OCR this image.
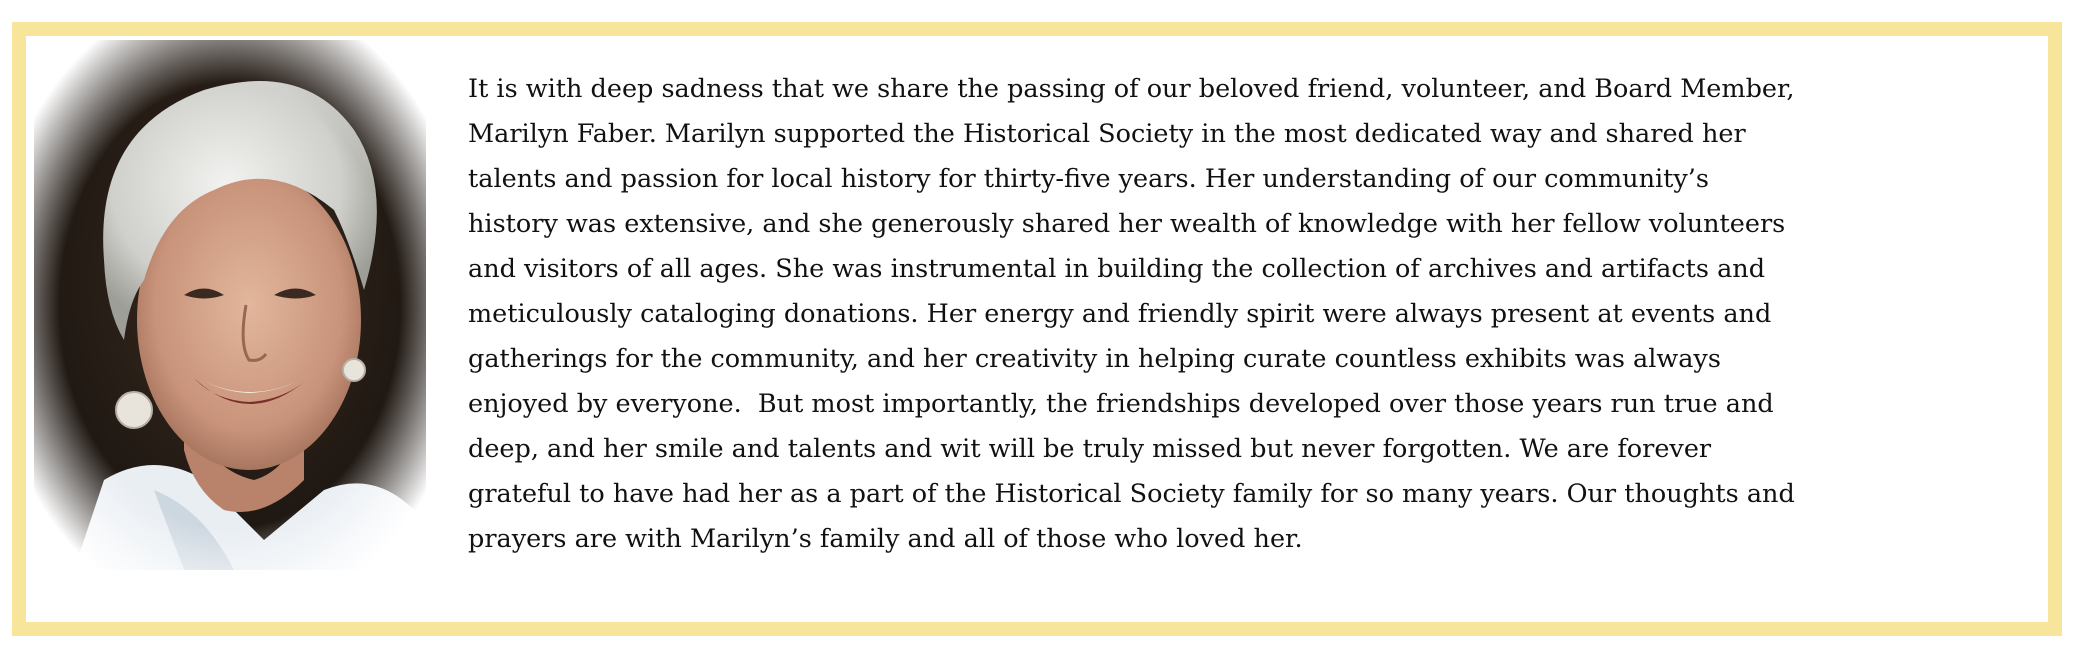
It is with deep sadness that we share the passing of our beloved friend, volunteer, and Board Member,
Marilyn Faber. Marilyn supported the Historical Society in the most dedicated way and shared her
talents and passion for local history for thirty-five years. Her understanding of our community’s
history was extensive, and she generously shared her wealth of knowledge with her fellow volunteers
and visitors of all ages. She was instrumental in building the collection of archives and artifacts and
meticulously cataloging donations. Her energy and friendly spirit were always present at events and
gatherings for the community, and her creativity in helping curate countless exhibits was always
enjoyed by everyone.  But most importantly, the friendships developed over those years run true and
deep, and her smile and talents and wit will be truly missed but never forgotten. We are forever
grateful to have had her as a part of the Historical Society family for so many years. Our thoughts and
prayers are with Marilyn’s family and all of those who loved her.
